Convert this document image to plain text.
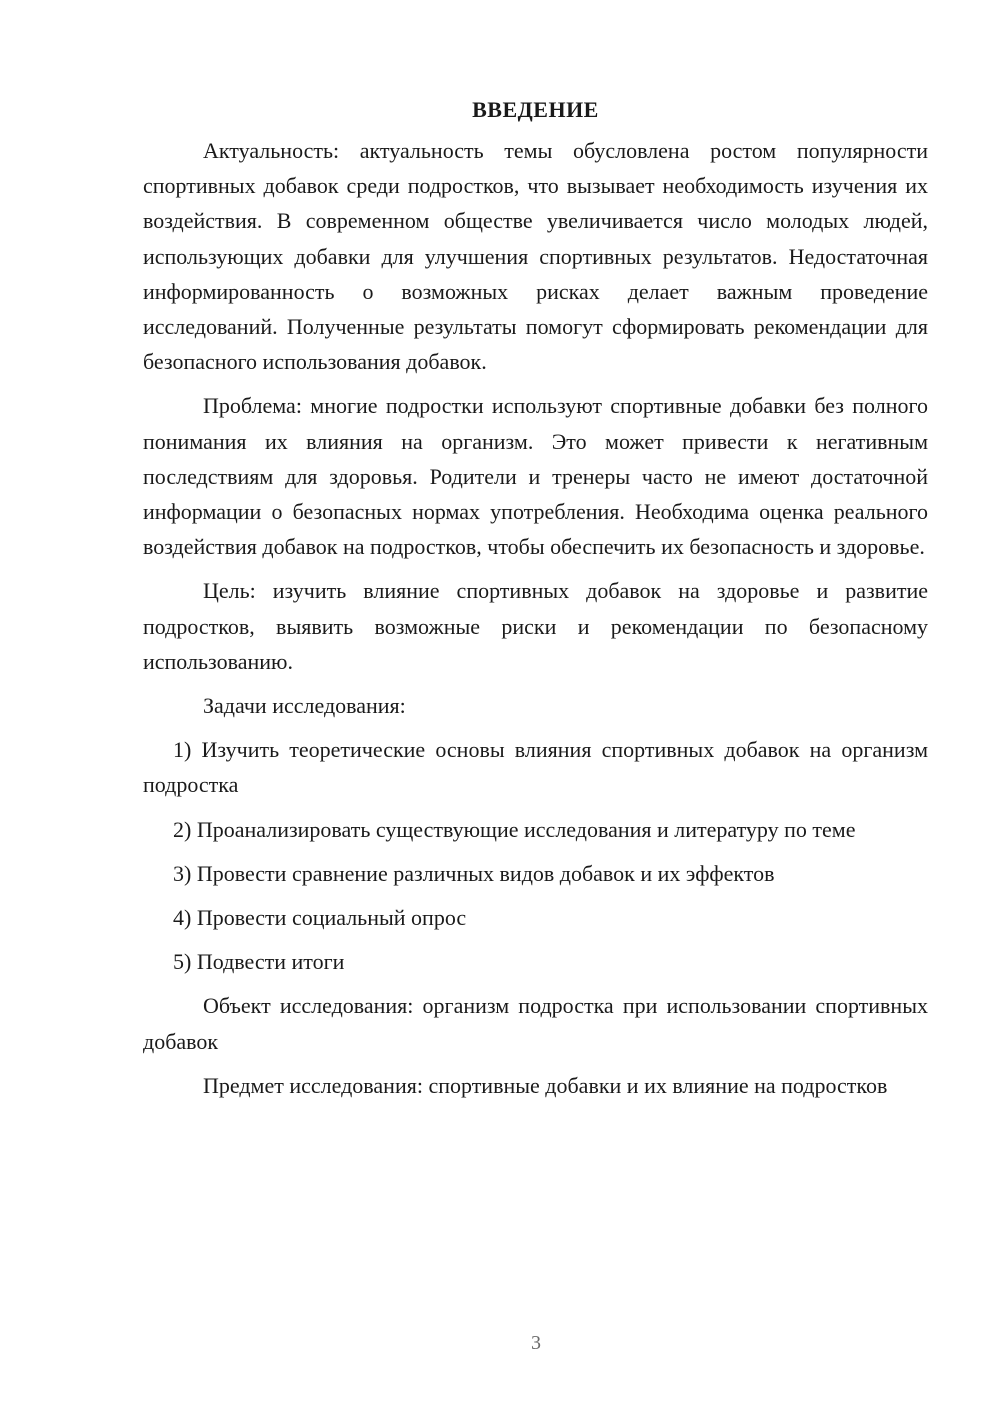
ВВЕДЕНИЕ

Актуальность: актуальность темы обусловлена ростом популярности спортивных добавок среди подростков, что вызывает необходимость изучения их воздействия. В современном обществе увеличивается число молодых людей, использующих добавки для улучшения спортивных результатов. Недостаточная информированность о возможных рисках делает важным проведение исследований. Полученные результаты помогут сформировать рекомендации для безопасного использования добавок.

Проблема: многие подростки используют спортивные добавки без полного понимания их влияния на организм. Это может привести к негативным последствиям для здоровья. Родители и тренеры часто не имеют достаточной информации о безопасных нормах употребления. Необходима оценка реального воздействия добавок на подростков, чтобы обеспечить их безопасность и здоровье.

Цель: изучить влияние спортивных добавок на здоровье и развитие подростков, выявить возможные риски и рекомендации по безопасному использованию.

Задачи исследования:

1) Изучить теоретические основы влияния спортивных добавок на организм подростка

2) Проанализировать существующие исследования и литературу по теме

3) Провести сравнение различных видов добавок и их эффектов

4) Провести социальный опрос

5) Подвести итоги

Объект исследования: организм подростка при использовании спортивных добавок

Предмет исследования: спортивные добавки и их влияние на подростков

3
